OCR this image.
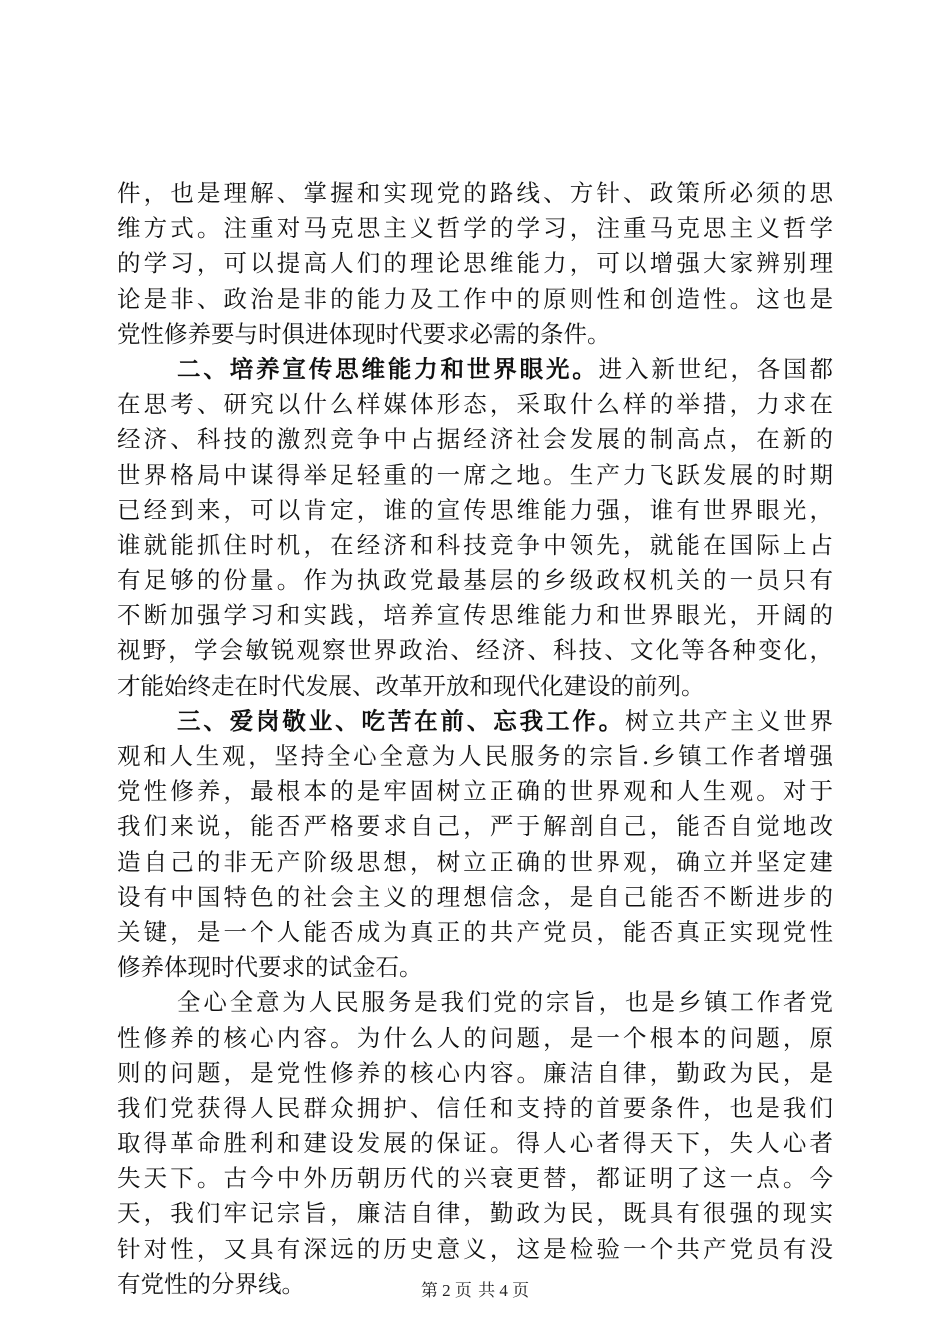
件，也是理解、掌握和实现党的路线、方针、政策所必须的思
维方式。注重对马克思主义哲学的学习，注重马克思主义哲学
的学习，可以提高人们的理论思维能力，可以增强大家辨别理
论是非、政治是非的能力及工作中的原则性和创造性。这也是
党性修养要与时俱进体现时代要求必需的条件。
二、培养宣传思维能力和世界眼光。进入新世纪，各国都
在思考、研究以什么样媒体形态，采取什么样的举措，力求在
经济、科技的激烈竞争中占据经济社会发展的制高点，在新的
世界格局中谋得举足轻重的一席之地。生产力飞跃发展的时期
已经到来，可以肯定，谁的宣传思维能力强，谁有世界眼光，
谁就能抓住时机，在经济和科技竞争中领先，就能在国际上占
有足够的份量。作为执政党最基层的乡级政权机关的一员只有
不断加强学习和实践，培养宣传思维能力和世界眼光，开阔的
视野，学会敏锐观察世界政治、经济、科技、文化等各种变化，
才能始终走在时代发展、改革开放和现代化建设的前列。
三、爱岗敬业、吃苦在前、忘我工作。树立共产主义世界
观和人生观，坚持全心全意为人民服务的宗旨.乡镇工作者增强
党性修养，最根本的是牢固树立正确的世界观和人生观。对于
我们来说，能否严格要求自己，严于解剖自己，能否自觉地改
造自己的非无产阶级思想，树立正确的世界观，确立并坚定建
设有中国特色的社会主义的理想信念，是自己能否不断进步的
关键，是一个人能否成为真正的共产党员，能否真正实现党性
修养体现时代要求的试金石。
全心全意为人民服务是我们党的宗旨，也是乡镇工作者党
性修养的核心内容。为什么人的问题，是一个根本的问题，原
则的问题，是党性修养的核心内容。廉洁自律，勤政为民，是
我们党获得人民群众拥护、信任和支持的首要条件，也是我们
取得革命胜利和建设发展的保证。得人心者得天下，失人心者
失天下。古今中外历朝历代的兴衰更替，都证明了这一点。今
天，我们牢记宗旨，廉洁自律，勤政为民，既具有很强的现实
针对性，又具有深远的历史意义，这是检验一个共产党员有没
有党性的分界线。	第 2 页 共 4 页
